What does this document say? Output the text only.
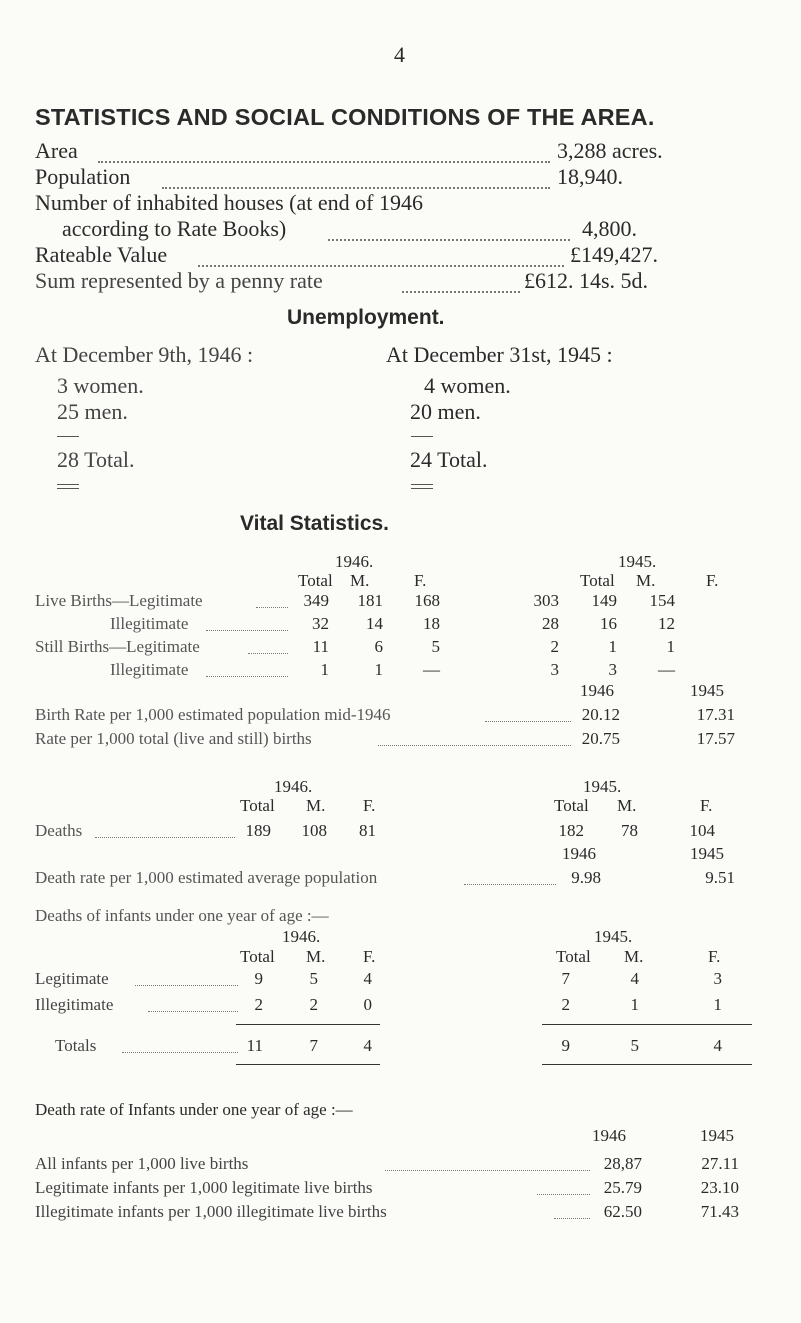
4
STATISTICS AND SOCIAL CONDITIONS OF THE AREA.
Area	3,288 acres.
Population	18,940.
Number of inhabited houses (at end of 1946
according to Rate Books)	4,800.
Rateable Value	£149,427.
Sum represented by a penny rate	£612. 14s. 5d.
Unemployment.
At December 9th, 1946 :	At December 31st, 1945 :
3 women.
25 men.
28 Total.
4 women.
20 men.
24 Total.
Vital Statistics.
1946.	1945.
Total M.	F.	Total M.	F.
Live Births—Legitimate	349 181 168	303 149 154
Illegitimate	32 14 18	28 16 12
Still Births—Legitimate	11	6	5	2	1	1
Illegitimate	1	1 —	3	3 —
1946	1945
Birth Rate per 1,000 estimated population mid-1946	20.12	17.31
Rate per 1,000 total (live and still) births	20.75	17.57
1946.	1945.
Total M. F.	Total M.	F.
Deaths	189 108 81	182 78	104
1946	1945
Death rate per 1,000 estimated average population	9.98	9.51
Deaths of infants under one year of age :—
1946.	1945.
Total M. F.	Total M.	F.
Legitimate	9	5	4	7	4	3
Illegitimate	2	2	0	2	1	1
Totals	11	7	4	9	5	4
Death rate of Infants under one year of age :—
1946	1945
All infants per 1,000 live births	28,87	27.11
Legitimate infants per 1,000 legitimate live births	25.79	23.10
Illegitimate infants per 1,000 illegitimate live births	62.50	71.43
